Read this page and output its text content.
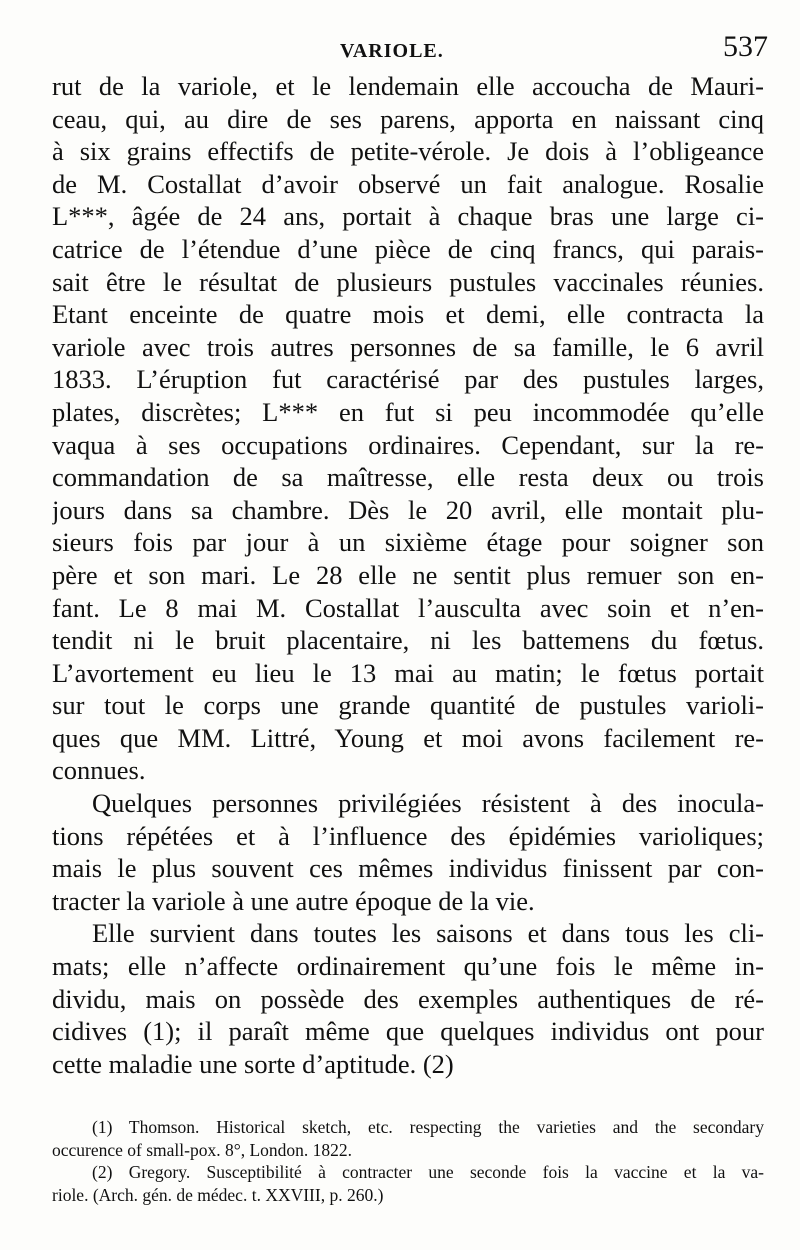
VARIOLE.	537
rut de la variole, et le lendemain elle accoucha de Mauri-
ceau, qui, au dire de ses parens, apporta en naissant cinq
à six grains effectifs de petite-vérole. Je dois à l’obligeance
de M. Costallat d’avoir observé un fait analogue. Rosalie
L***, âgée de 24 ans, portait à chaque bras une large ci-
catrice de l’étendue d’une pièce de cinq francs, qui parais-
sait être le résultat de plusieurs pustules vaccinales réunies.
Etant enceinte de quatre mois et demi, elle contracta la
variole avec trois autres personnes de sa famille, le 6 avril
1833. L’éruption fut caractérisé par des pustules larges,
plates, discrètes; L*** en fut si peu incommodée qu’elle
vaqua à ses occupations ordinaires. Cependant, sur la re-
commandation de sa maîtresse, elle resta deux ou trois
jours dans sa chambre. Dès le 20 avril, elle montait plu-
sieurs fois par jour à un sixième étage pour soigner son
père et son mari. Le 28 elle ne sentit plus remuer son en-
fant. Le 8 mai M. Costallat l’ausculta avec soin et n’en-
tendit ni le bruit placentaire, ni les battemens du fœtus.
L’avortement eu lieu le 13 mai au matin; le fœtus portait
sur tout le corps une grande quantité de pustules varioli-
ques que MM. Littré, Young et moi avons facilement re-
connues.
Quelques personnes privilégiées résistent à des inocula-
tions répétées et à l’influence des épidémies varioliques;
mais le plus souvent ces mêmes individus finissent par con-
tracter la variole à une autre époque de la vie.
Elle survient dans toutes les saisons et dans tous les cli-
mats; elle n’affecte ordinairement qu’une fois le même in-
dividu, mais on possède des exemples authentiques de ré-
cidives (1); il paraît même que quelques individus ont pour
cette maladie une sorte d’aptitude. (2)
(1) Thomson. Historical sketch, etc. respecting the varieties and the secondary
occurence of small-pox. 8°, London. 1822.
(2) Gregory. Susceptibilité à contracter une seconde fois la vaccine et la va-
riole. (Arch. gén. de médec. t. XXVIII, p. 260.)
